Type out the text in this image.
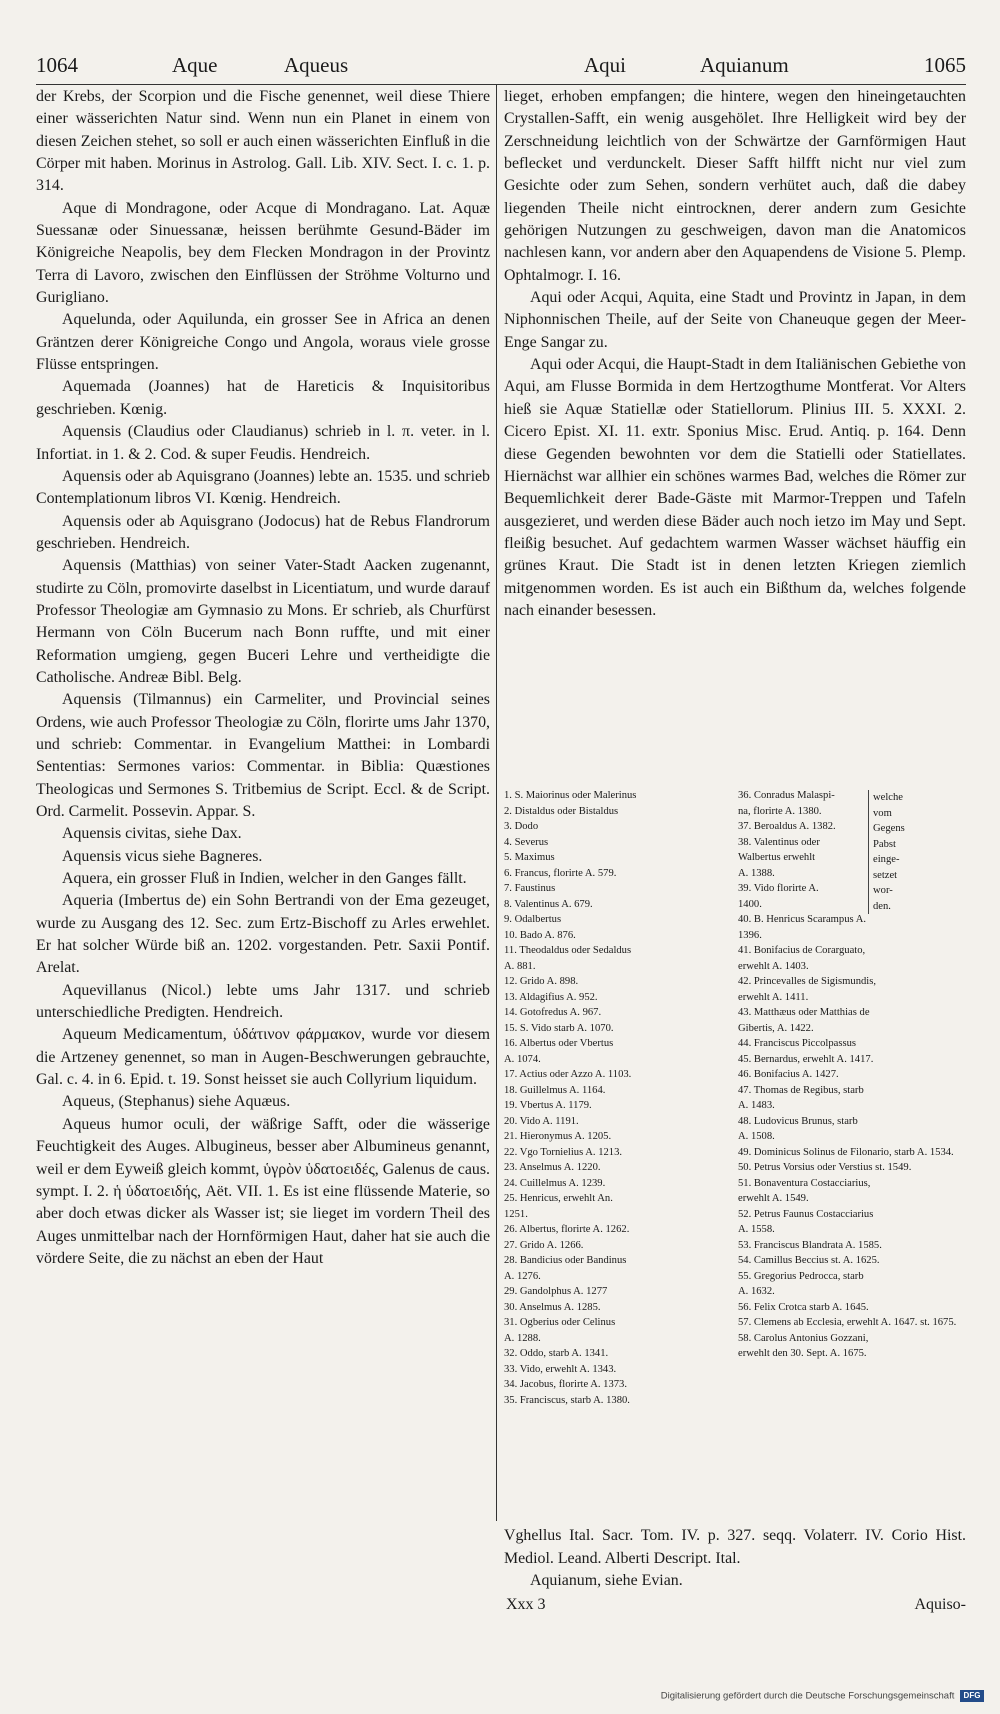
1064	Aque	Aqueus	Aqui	Aquianum	1065

der Krebs, der Scorpion und die Fische genennet, weil diese Thiere einer wässerichten Natur sind. Wenn nun ein Planet in einem von diesen Zeichen stehet, so soll er auch einen wässerichten Einfluß in die Cörper mit haben. Morinus in Astrolog. Gall. Lib. XIV. Sect. I. c. 1. p. 314.

Aque di Mondragone, oder Acque di Mondragano. Lat. Aquæ Suessanæ oder Sinuessanæ, heissen berühmte Gesund-Bäder im Königreiche Neapolis, bey dem Flecken Mondragon in der Provintz Terra di Lavoro, zwischen den Einflüssen der Ströhme Volturno und Gurigliano.

Aquelunda, oder Aquilunda, ein grosser See in Africa an denen Gräntzen derer Königreiche Congo und Angola, woraus viele grosse Flüsse entspringen.

Aquemada (Joannes) hat de Hareticis & Inquisitoribus geschrieben. Kœnig.

Aquensis (Claudius oder Claudianus) schrieb in l. π. veter. in l. Infortiat. in 1. & 2. Cod. & super Feudis. Hendreich.

Aquensis oder ab Aquisgrano (Joannes) lebte an. 1535. und schrieb Contemplationum libros VI. Kœnig. Hendreich.

Aquensis oder ab Aquisgrano (Jodocus) hat de Rebus Flandrorum geschrieben. Hendreich.

Aquensis (Matthias) von seiner Vater-Stadt Aacken zugenannt, studirte zu Cöln, promovirte daselbst in Licentiatum, und wurde darauf Professor Theologiæ am Gymnasio zu Mons. Er schrieb, als Churfürst Hermann von Cöln Bucerum nach Bonn ruffte, und mit einer Reformation umgieng, gegen Buceri Lehre und vertheidigte die Catholische. Andreæ Bibl. Belg.

Aquensis (Tilmannus) ein Carmeliter, und Provincial seines Ordens, wie auch Professor Theologiæ zu Cöln, florirte ums Jahr 1370, und schrieb: Commentar. in Evangelium Matthei: in Lombardi Sententias: Sermones varios: Commentar. in Biblia: Quæstiones Theologicas und Sermones S. Tritbemius de Script. Eccl. & de Script. Ord. Carmelit. Possevin. Appar. S.

Aquensis civitas, siehe Dax.

Aquensis vicus siehe Bagneres.

Aquera, ein grosser Fluß in Indien, welcher in den Ganges fällt.

Aqueria (Imbertus de) ein Sohn Bertrandi von der Ema gezeuget, wurde zu Ausgang des 12. Sec. zum Ertz-Bischoff zu Arles erwehlet. Er hat solcher Würde biß an. 1202. vorgestanden. Petr. Saxii Pontif. Arelat.

Aquevillanus (Nicol.) lebte ums Jahr 1317. und schrieb unterschiedliche Predigten. Hendreich.

Aqueum Medicamentum, ὑδάτινον φάρμακον, wurde vor diesem die Artzeney genennet, so man in Augen-Beschwerungen gebrauchte, Gal. c. 4. in 6. Epid. t. 19. Sonst heisset sie auch Collyrium liquidum.

Aqueus, (Stephanus) siehe Aquæus.

Aqueus humor oculi, der wäßrige Safft, oder die wässerige Feuchtigkeit des Auges. Albugineus, besser aber Albumineus genannt, weil er dem Eyweiß gleich kommt, ὑγρὸν ὑδατοειδές, Galenus de caus. sympt. I. 2. ἡ ὑδατοειδής, Aët. VII. 1. Es ist eine flüssende Materie, so aber doch etwas dicker als Wasser ist; sie lieget im vordern Theil des Auges unmittelbar nach der Hornförmigen Haut, daher hat sie auch die vördere Seite, die zu nächst an eben der Haut

lieget, erhoben empfangen; die hintere, wegen den hineingetauchten Crystallen-Safft, ein wenig ausgehölet. Ihre Helligkeit wird bey der Zerschneidung leichtlich von der Schwärtze der Garnförmigen Haut beflecket und verdunckelt. Dieser Safft hilfft nicht nur viel zum Gesichte oder zum Sehen, sondern verhütet auch, daß die dabey liegenden Theile nicht eintrocknen, derer andern zum Gesichte gehörigen Nutzungen zu geschweigen, davon man die Anatomicos nachlesen kann, vor andern aber den Aquapendens de Visione 5. Plemp. Ophtalmogr. I. 16.

Aqui oder Acqui, Aquita, eine Stadt und Provintz in Japan, in dem Niphonnischen Theile, auf der Seite von Chaneuque gegen der Meer-Enge Sangar zu.

Aqui oder Acqui, die Haupt-Stadt in dem Italiänischen Gebiethe von Aqui, am Flusse Bormida in dem Hertzogthume Montferat. Vor Alters hieß sie Aquæ Statiellæ oder Statiellorum. Plinius III. 5. XXXI. 2. Cicero Epist. XI. 11. extr. Sponius Misc. Erud. Antiq. p. 164. Denn diese Gegenden bewohnten vor dem die Statielli oder Statiellates. Hiernächst war allhier ein schönes warmes Bad, welches die Römer zur Bequemlichkeit derer Bade-Gäste mit Marmor-Treppen und Tafeln ausgezieret, und werden diese Bäder auch noch ietzo im May und Sept. fleißig besuchet. Auf gedachtem warmen Wasser wächset häuffig ein grünes Kraut. Die Stadt ist in denen letzten Kriegen ziemlich mitgenommen worden. Es ist auch ein Bißthum da, welches folgende nach einander besessen.

1. S. Maiorinus oder Malerinus
2. Distaldus oder Bistaldus
3. Dodo
4. Severus
5. Maximus
6. Francus, florirte A. 579.
7. Faustinus
8. Valentinus A. 679.
9. Odalbertus
10. Bado A. 876.
11. Theodaldus oder Sedaldus
A. 881.
12. Grido A. 898.
13. Aldagifius A. 952.
14. Gotofredus A. 967.
15. S. Vido starb A. 1070.
16. Albertus oder Vbertus
A. 1074.
17. Actius oder Azzo A. 1103.
18. Guillelmus A. 1164.
19. Vbertus A. 1179.
20. Vido A. 1191.
21. Hieronymus A. 1205.
22. Vgo Tornielius A. 1213.
23. Anselmus A. 1220.
24. Cuillelmus A. 1239.
25. Henricus, erwehlt An.
1251.
26. Albertus, florirte A. 1262.
27. Grido A. 1266.
28. Bandicius oder Bandinus
A. 1276.
29. Gandolphus A. 1277
30. Anselmus A. 1285.
31. Ogberius oder Celinus
A. 1288.
32. Oddo, starb A. 1341.
33. Vido, erwehlt A. 1343.
34. Jacobus, florirte A. 1373.
35. Franciscus, starb A. 1380.
36. Conradus Malaspi-
na, florirte A. 1380.
37. Beroaldus A. 1382.
38. Valentinus oder
Walbertus erwehlt
A. 1388.
39. Vido florirte A.
1400.
40. B. Henricus Scarampus A.
1396.
41. Bonifacius de Corarguato,
erwehlt A. 1403.
42. Princevalles de Sigismundis,
erwehlt A. 1411.
43. Matthæus oder Matthias de
Gibertis, A. 1422.
44. Franciscus Piccolpassus
45. Bernardus, erwehlt A. 1417.
46. Bonifacius A. 1427.
47. Thomas de Regibus, starb
A. 1483.
48. Ludovicus Brunus, starb
A. 1508.
49. Dominicus Solinus de Filonario, starb A. 1534.
50. Petrus Vorsius oder Verstius st. 1549.
51. Bonaventura Costacciarius,
erwehlt A. 1549.
52. Petrus Faunus Costacciarius
A. 1558.
53. Franciscus Blandrata A. 1585.
54. Camillus Beccius st. A. 1625.
55. Gregorius Pedrocca, starb
A. 1632.
56. Felix Crotca starb A. 1645.
57. Clemens ab Ecclesia, erwehlt A. 1647. st. 1675.
58. Carolus Antonius Gozzani,
erwehlt den 30. Sept. A. 1675.
welche
vom
Gegens
Pabst
einge-
setzet
wor-
den.

Vghellus Ital. Sacr. Tom. IV. p. 327. seqq. Volaterr. IV. Corio Hist. Mediol. Leand. Alberti Descript. Ital.

Aquianum, siehe Evian.

Xxx 3	Aquiso-
Digitalisierung gefördert durch die Deutsche Forschungsgemeinschaft DFG
